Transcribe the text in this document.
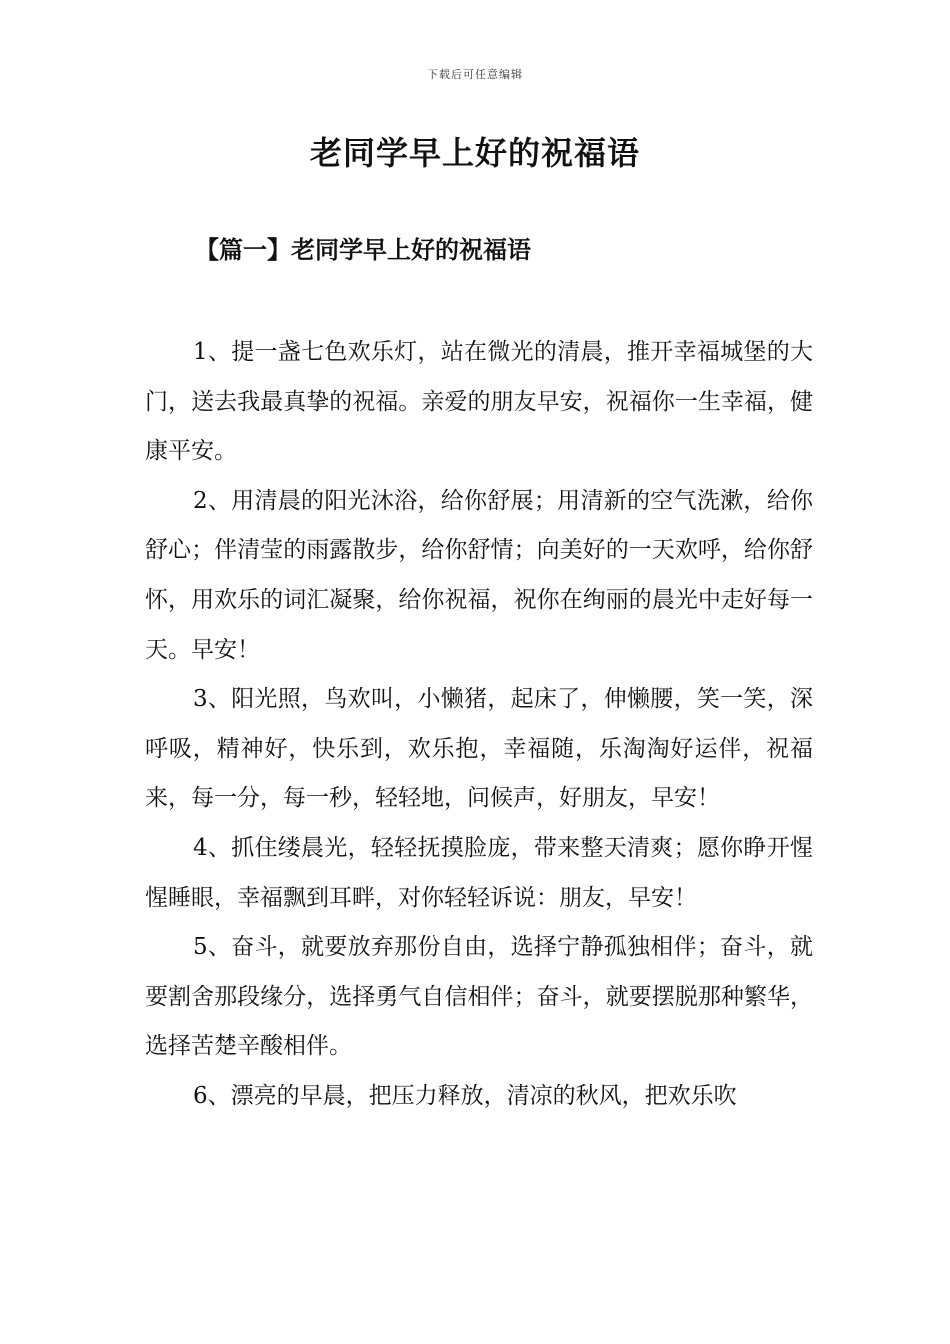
下载后可任意编辑
老同学早上好的祝福语
【篇一】老同学早上好的祝福语

1、提一盏七色欢乐灯，站在微光的清晨，推开幸福城堡的大门，送去我最真挚的祝福。亲爱的朋友早安，祝福你一生幸福，健康平安。

2、用清晨的阳光沐浴，给你舒展；用清新的空气洗漱，给你舒心；伴清莹的雨露散步，给你舒情；向美好的一天欢呼，给你舒怀，用欢乐的词汇凝聚，给你祝福，祝你在绚丽的晨光中走好每一天。早安！

3、阳光照，鸟欢叫，小懒猪，起床了，伸懒腰，笑一笑，深呼吸，精神好，快乐到，欢乐抱，幸福随，乐淘淘好运伴，祝福来，每一分，每一秒，轻轻地，问候声，好朋友，早安！

4、抓住缕晨光，轻轻抚摸脸庞，带来整天清爽；愿你睁开惺惺睡眼，幸福飘到耳畔，对你轻轻诉说：朋友，早安！

5、奋斗，就要放弃那份自由，选择宁静孤独相伴；奋斗，就要割舍那段缘分，选择勇气自信相伴；奋斗，就要摆脱那种繁华，选择苦楚辛酸相伴。

6、漂亮的早晨，把压力释放，清凉的秋风，把欢乐吹
